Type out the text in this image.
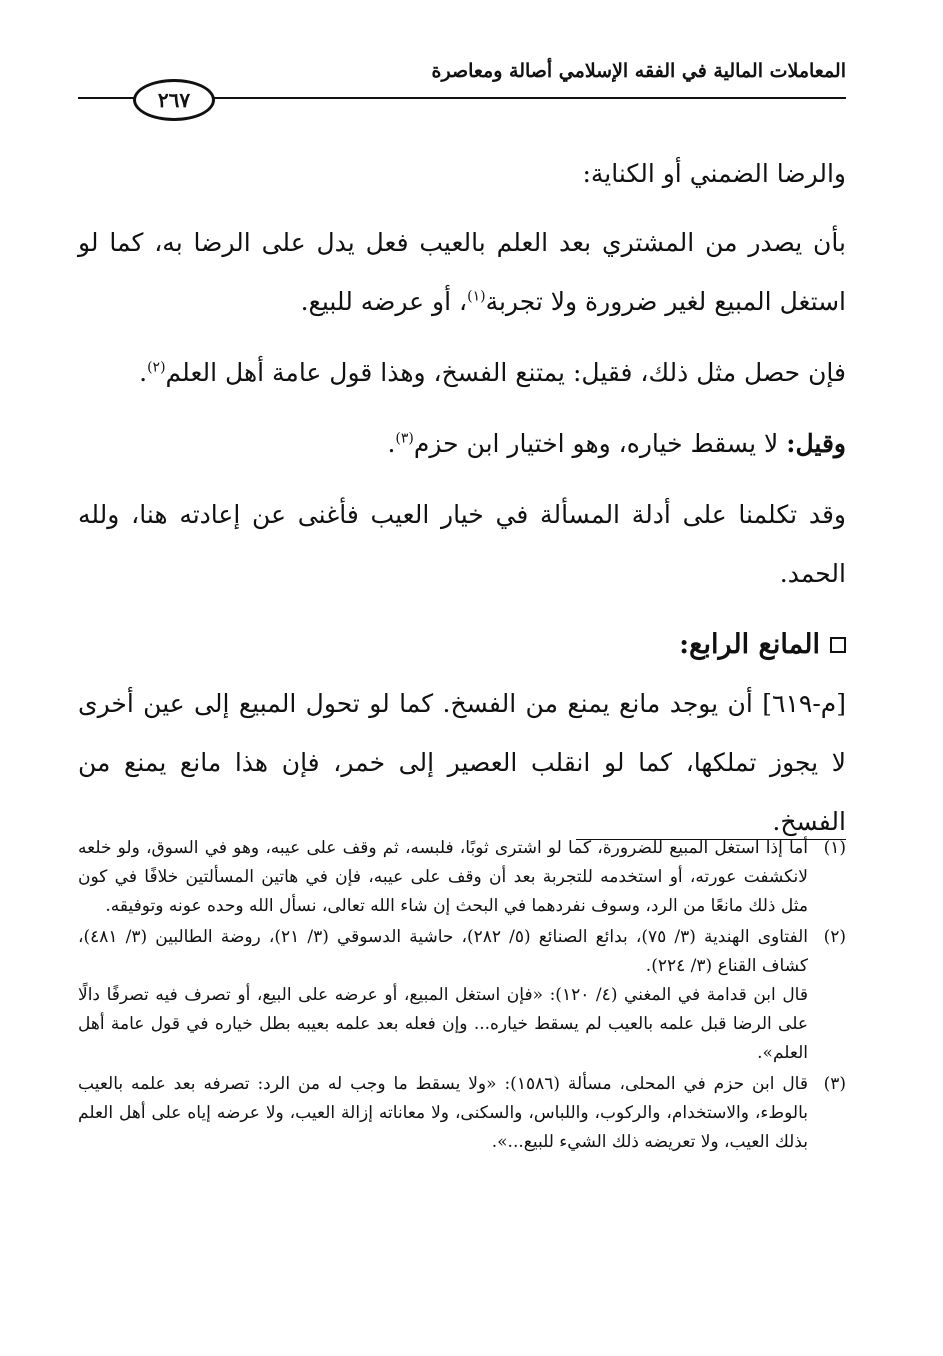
المعاملات المالية في الفقه الإسلامي أصالة ومعاصرة
٢٦٧

والرضا الضمني أو الكناية:

بأن يصدر من المشتري بعد العلم بالعيب فعل يدل على الرضا به، كما لو استغل المبيع لغير ضرورة ولا تجربة$^{(١)}$، أو عرضه للبيع.

فإن حصل مثل ذلك، فقيل: يمتنع الفسخ، وهذا قول عامة أهل العلم$^{(٢)}$.

وقيل: لا يسقط خياره، وهو اختيار ابن حزم$^{(٣)}$.

وقد تكلمنا على أدلة المسألة في خيار العيب فأغنى عن إعادته هنا، ولله الحمد.

المانع الرابع:

[م-٦١٩] أن يوجد مانع يمنع من الفسخ. كما لو تحول المبيع إلى عين أخرى لا يجوز تملكها، كما لو انقلب العصير إلى خمر، فإن هذا مانع يمنع من الفسخ.

(١)

أما إذا استغل المبيع للضرورة، كما لو اشترى ثوبًا، فلبسه، ثم وقف على عيبه، وهو في السوق، ولو خلعه لانكشفت عورته، أو استخدمه للتجربة بعد أن وقف على عيبه، فإن في هاتين المسألتين خلافًا في كون مثل ذلك مانعًا من الرد، وسوف نفردهما في البحث إن شاء الله تعالى، نسأل الله وحده عونه وتوفيقه.

(٢)

الفتاوى الهندية (٣/ ٧٥)، بدائع الصنائع (٥/ ٢٨٢)، حاشية الدسوقي (٣/ ٢١)، روضة الطالبين (٣/ ٤٨١)، كشاف القناع (٣/ ٢٢٤).

قال ابن قدامة في المغني (٤/ ١٢٠): «فإن استغل المبيع، أو عرضه على البيع، أو تصرف فيه تصرفًا دالًا على الرضا قبل علمه بالعيب لم يسقط خياره... وإن فعله بعد علمه بعيبه بطل خياره في قول عامة أهل العلم».

(٣)

قال ابن حزم في المحلى، مسألة (١٥٨٦): «ولا يسقط ما وجب له من الرد: تصرفه بعد علمه بالعيب بالوطء، والاستخدام، والركوب، واللباس، والسكنى، ولا معاناته إزالة العيب، ولا عرضه إياه على أهل العلم بذلك العيب، ولا تعريضه ذلك الشيء للبيع...».
